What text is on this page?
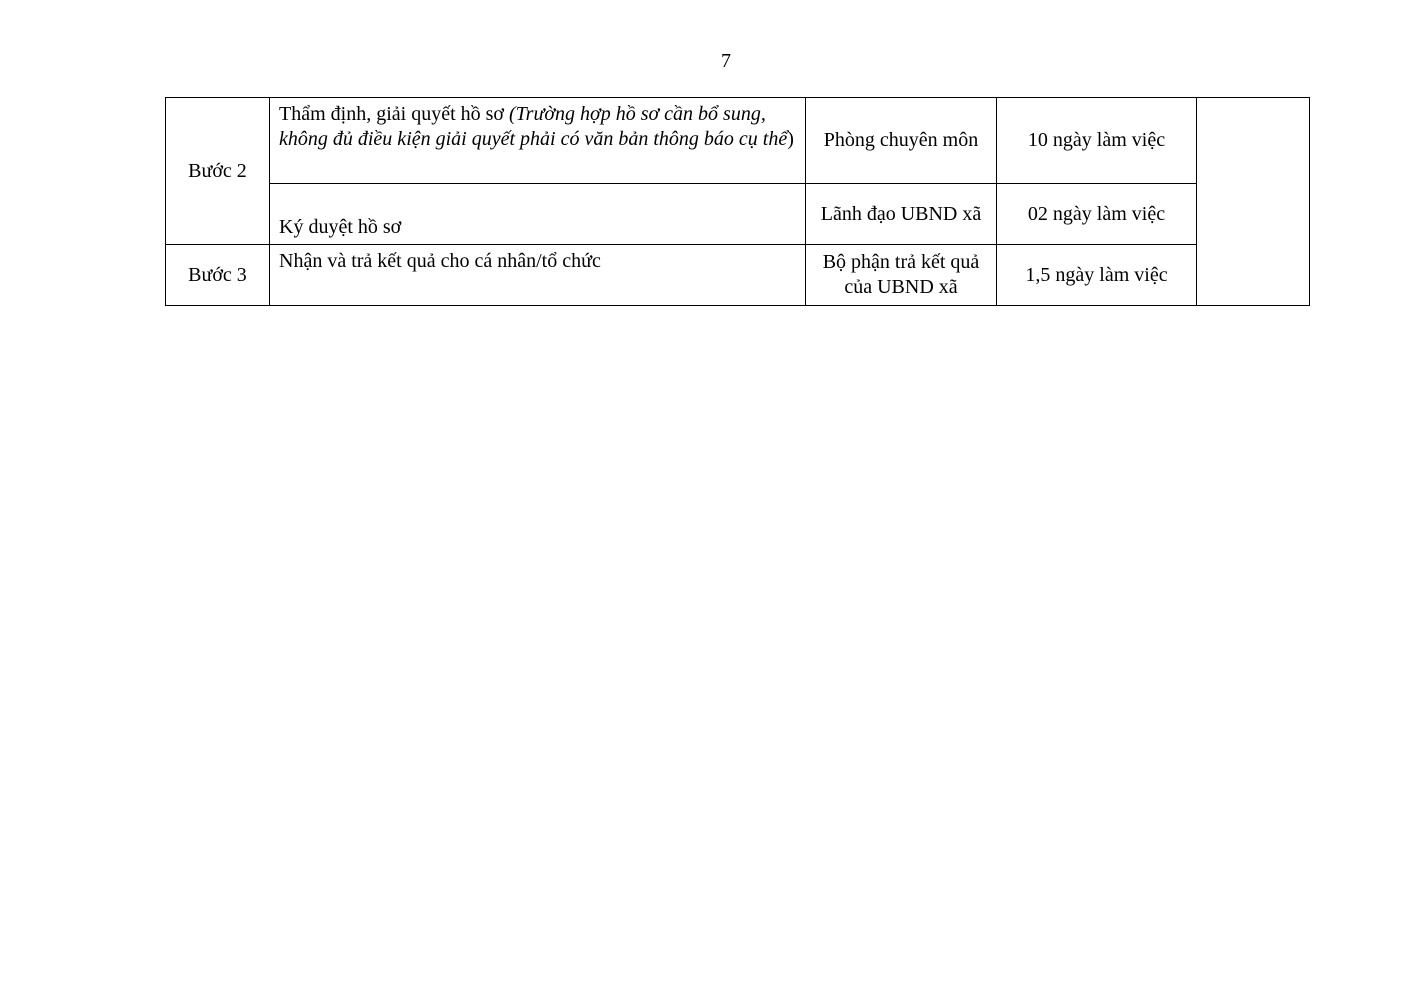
7
Bước 2	Thẩm định, giải quyết hồ sơ (Trường hợp hồ sơ cần bổ sung, không đủ điều kiện giải quyết phải có văn bản thông báo cụ thể)	Phòng chuyên môn	10 ngày làm việc	
	Ký duyệt hồ sơ	Lãnh đạo UBND xã	02 ngày làm việc	
Bước 3	Nhận và trả kết quả cho cá nhân/tổ chức	Bộ phận trả kết quả của UBND xã	1,5 ngày làm việc	
